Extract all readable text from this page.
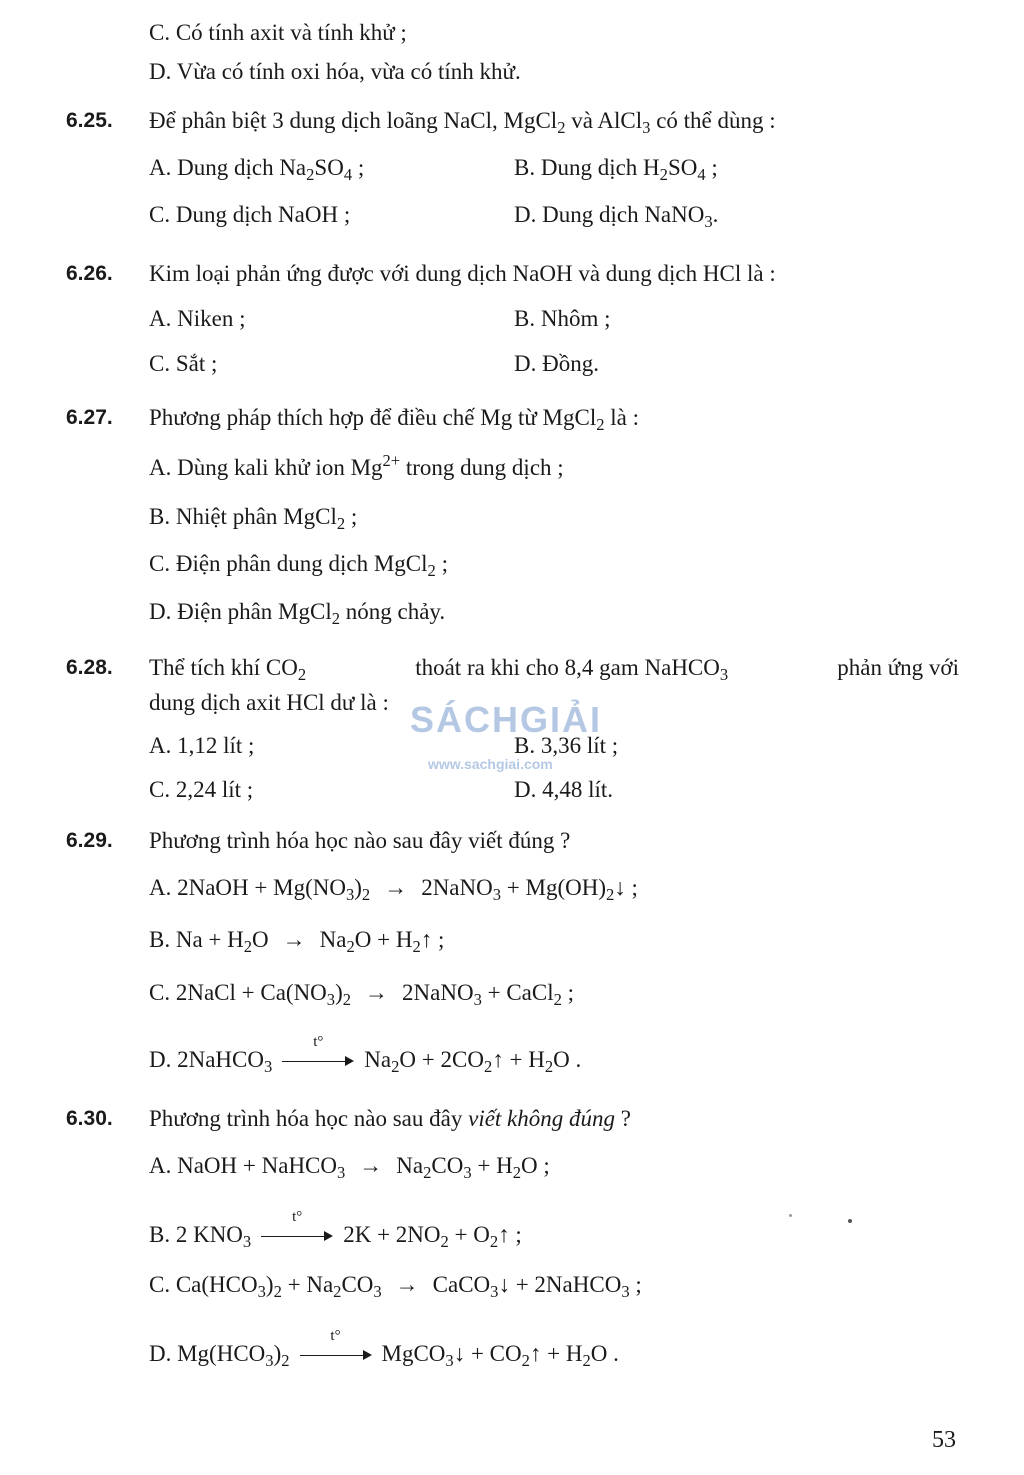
C. Có tính axit và tính khử ;
D. Vừa có tính oxi hóa, vừa có tính khử.
6.25. Để phân biệt 3 dung dịch loãng NaCl, MgCl$_2$ và AlCl$_3$ có thể dùng :
A. Dung dịch $Na_2SO_4$ ;	B. Dung dịch $H_2SO_4$ ;
C. Dung dịch NaOH ;	D. Dung dịch NaNO$_3$.
6.26. Kim loại phản ứng được với dung dịch NaOH và dung dịch HCl là :
A. Niken ;	B. Nhôm ;
C. Sắt ;	D. Đồng.
6.27. Phương pháp thích hợp để điều chế Mg từ MgCl$_2$ là :
A. Dùng kali khử ion $Mg^{2+}$ trong dung dịch ;
B. Nhiệt phân MgCl$_2$ ;
C. Điện phân dung dịch MgCl$_2$ ;
D. Điện phân MgCl$_2$ nóng chảy.
6.28. Thể tích khí $CO_2$	thoát ra khi cho 8,4 gam NaHCO$_3$	phản ứng với
dung dịch axit HCl dư là :
A. 1,12 lít ;	B. 3,36 lít ;
C. 2,24 lít ;	D. 4,48 lít.
SÁCHGIẢI
www.sachgiai.com
6.29. Phương trình hóa học nào sau đây viết đúng ?
A. 2NaOH + $Mg(NO_3)_2$ → 2NaNO$_3$ + $Mg(OH)_2↓$ ;
B. $Na + H_2O \to Na_2O$ + $H_2↑$ ;
C. 2NaCl + $Ca(NO_3)_2$ → 2NaNO$_3$ + CaCl$_2$ ;
D. 2NaHCO$_3$
t°
$Na_2O$ + $2CO_2↑ + H_2O$ .
6.30. Phương trình hóa học nào sau đây viết không đúng ?
A. NaOH + NaHCO$_3$ → $Na_2CO_3 + H_2O$ ;
B. 2 $KNO_3$
t°
$2K + 2NO_2$ + $O_2↑$ ;
C. $Ca(HCO_3)_2 + Na_2CO_3$ → CaCO$_3$↓ + 2NaHCO$_3$ ;
D. $Mg(HCO_3)_2$
t°
MgCO$_3$↓ + $CO_2↑ + H_2O$ .
53
